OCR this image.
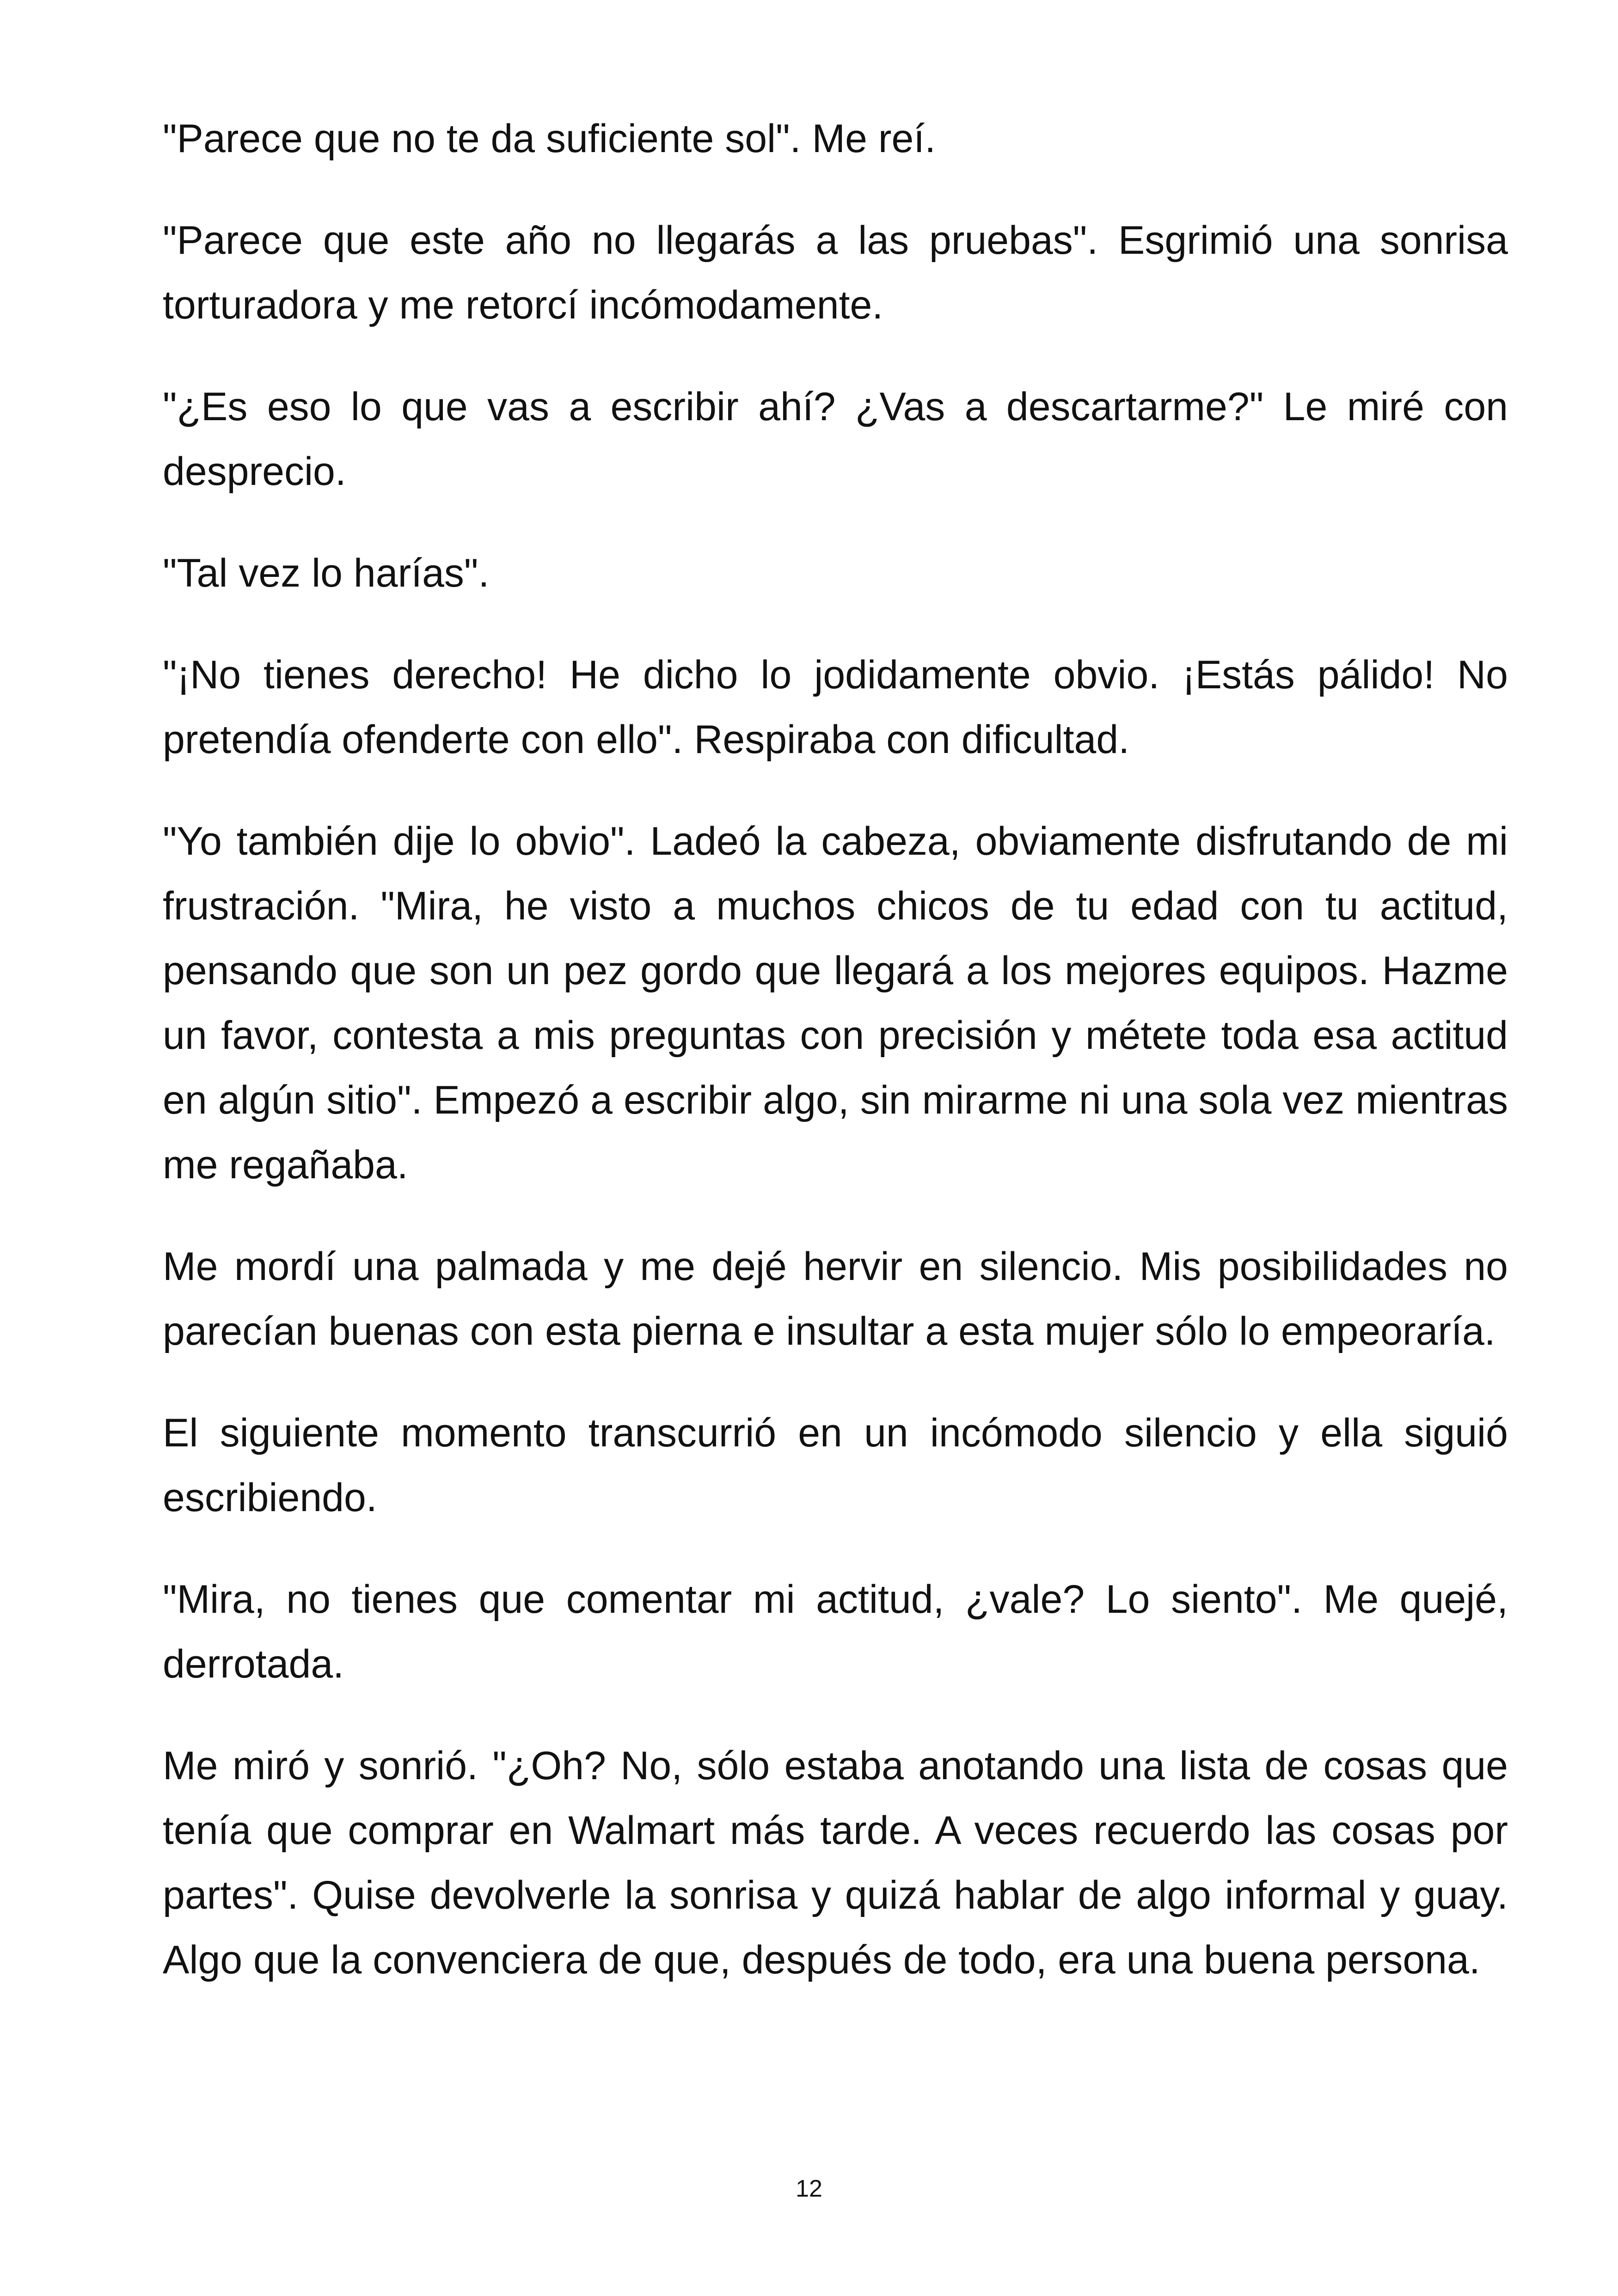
"Parece que no te da suficiente sol". Me reí.

"Parece que este año no llegarás a las pruebas". Esgrimió una sonrisa torturadora y me retorcí incómodamente.

"¿Es eso lo que vas a escribir ahí? ¿Vas a descartarme?" Le miré con desprecio.

"Tal vez lo harías".

"¡No tienes derecho! He dicho lo jodidamente obvio. ¡Estás pálido! No pretendía ofenderte con ello". Respiraba con dificultad.

"Yo también dije lo obvio". Ladeó la cabeza, obviamente disfrutando de mi frustración. "Mira, he visto a muchos chicos de tu edad con tu actitud, pensando que son un pez gordo que llegará a los mejores equipos. Hazme un favor, contesta a mis preguntas con precisión y métete toda esa actitud en algún sitio". Empezó a escribir algo, sin mirarme ni una sola vez mientras me regañaba.

Me mordí una palmada y me dejé hervir en silencio. Mis posibilidades no parecían buenas con esta pierna e insultar a esta mujer sólo lo empeoraría.

El siguiente momento transcurrió en un incómodo silencio y ella siguió escribiendo.

"Mira, no tienes que comentar mi actitud, ¿vale? Lo siento". Me quejé, derrotada.

Me miró y sonrió. "¿Oh? No, sólo estaba anotando una lista de cosas que tenía que comprar en Walmart más tarde. A veces recuerdo las cosas por partes". Quise devolverle la sonrisa y quizá hablar de algo informal y guay. Algo que la convenciera de que, después de todo, era una buena persona.

12
